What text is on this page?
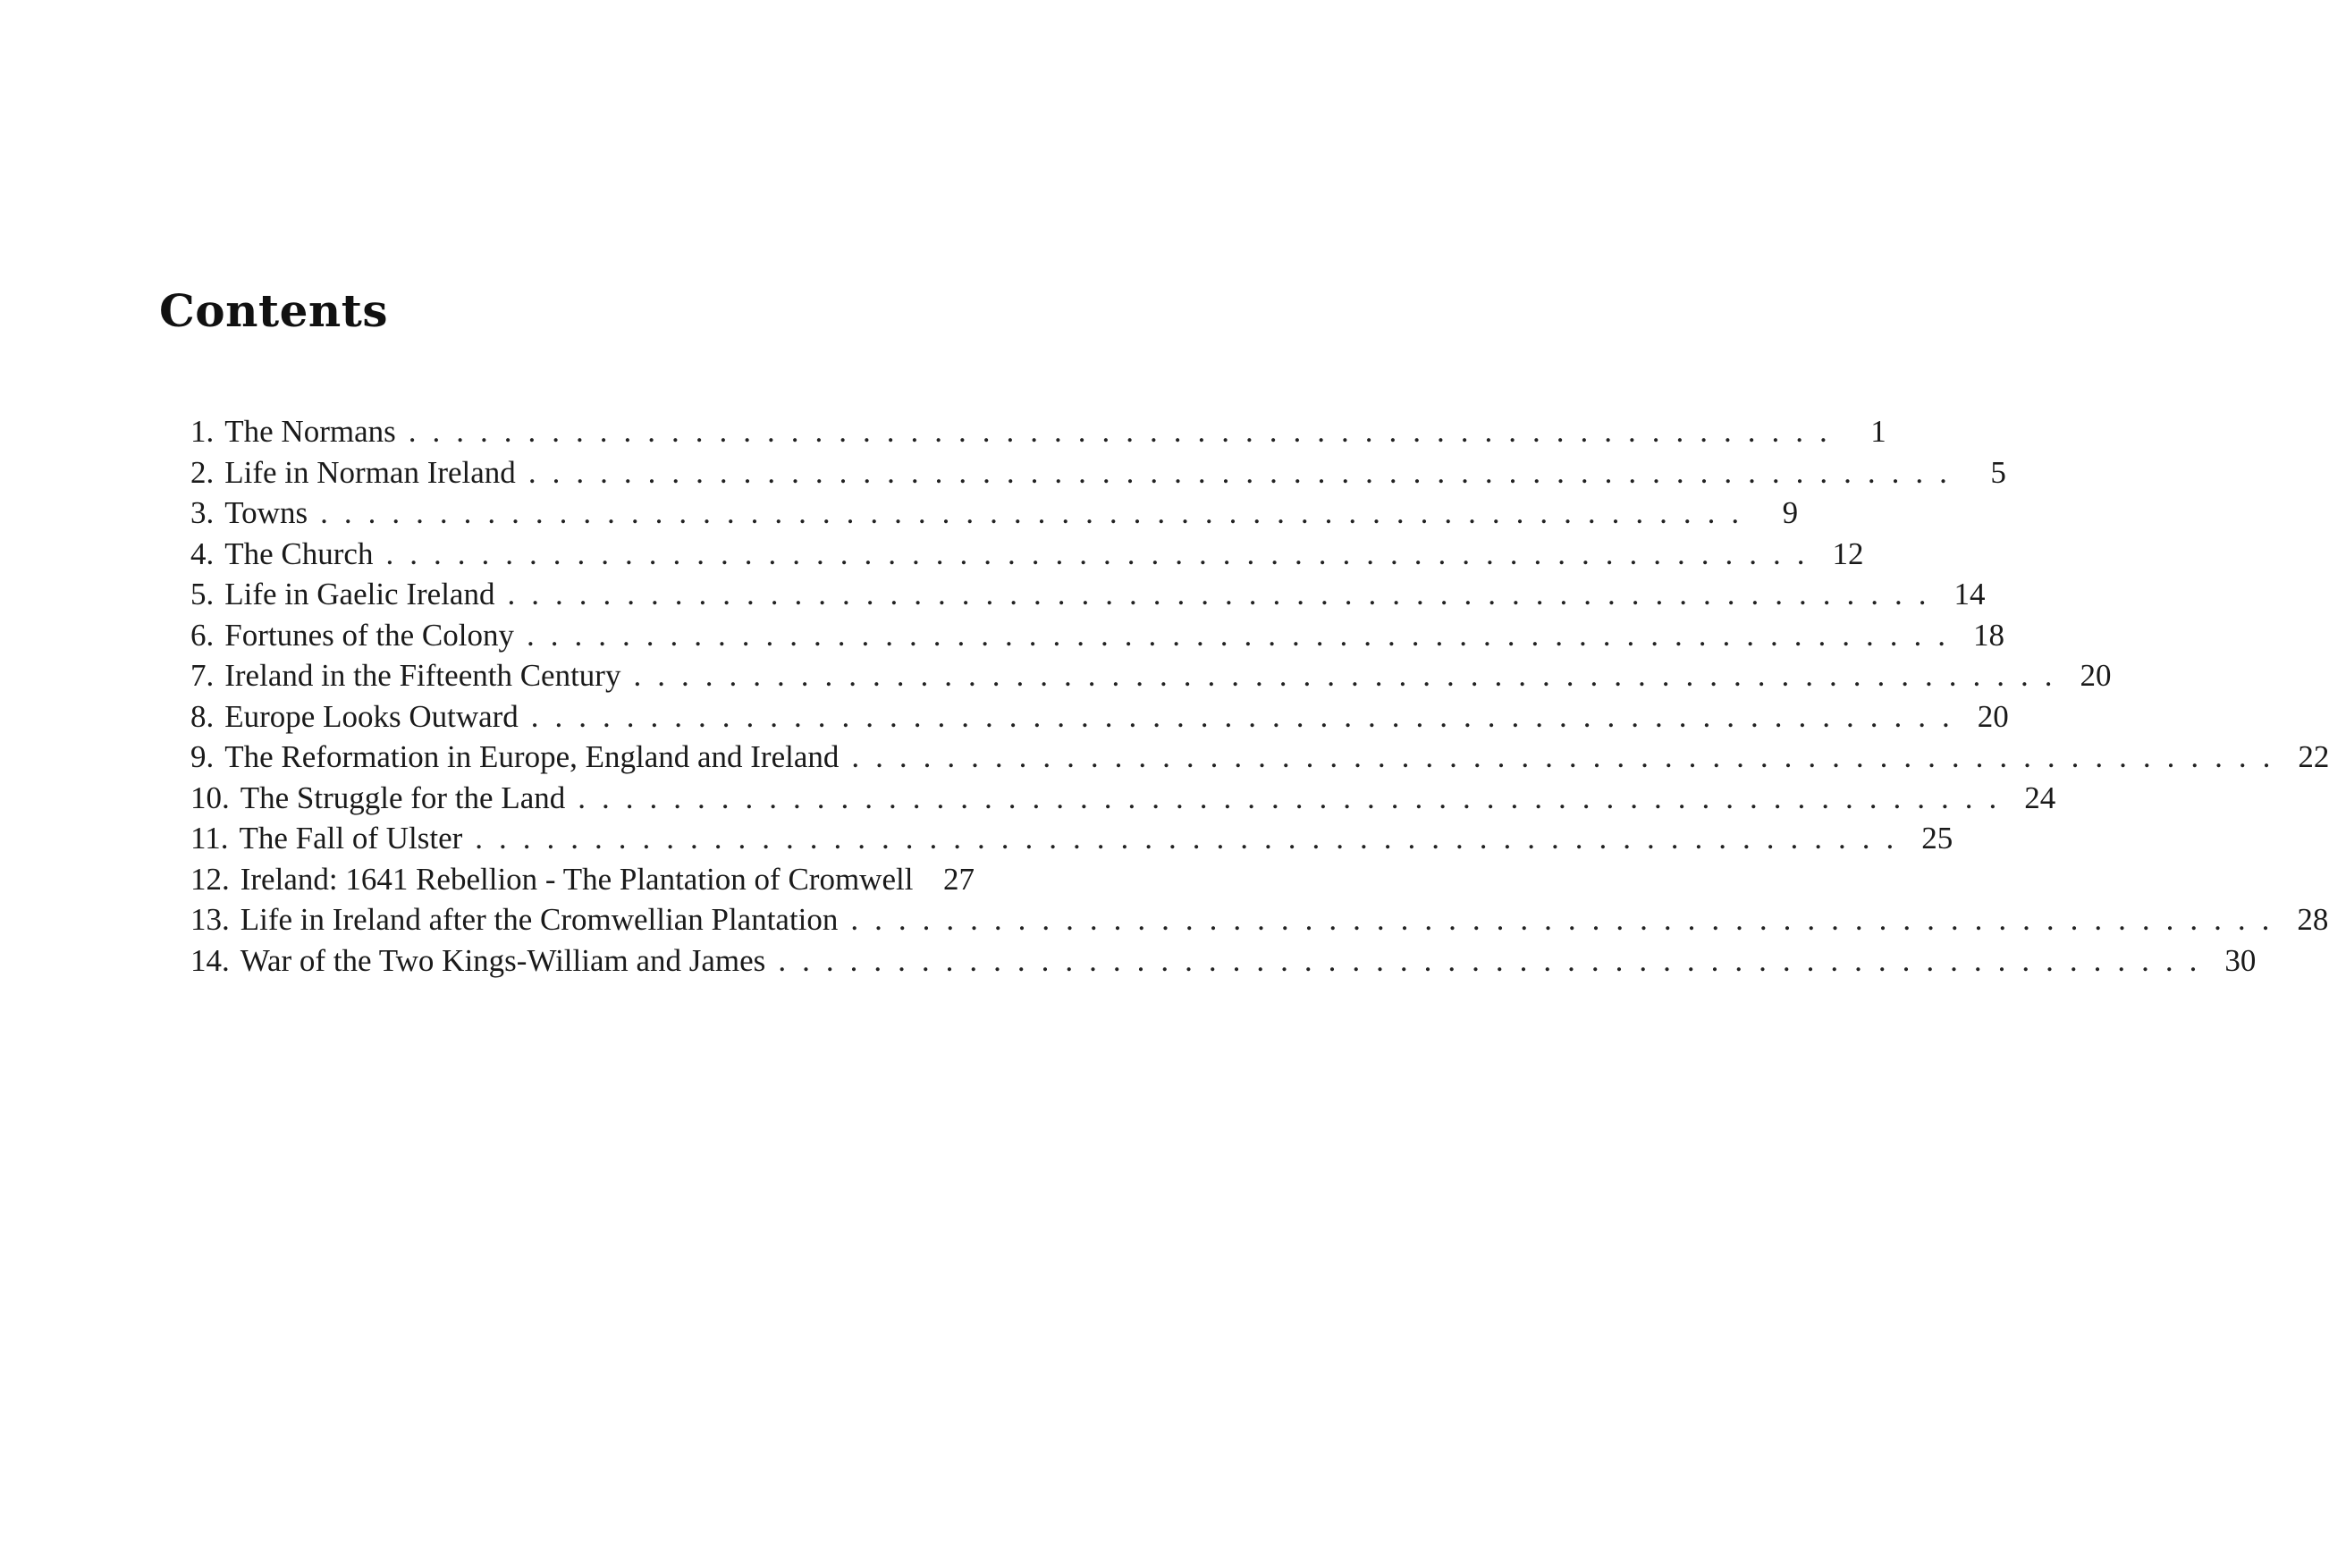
Contents
1. The Normans ............................................................ 1
2. Life in Norman Ireland ............................................................ 5
3. Towns ............................................................ 9
4. The Church ............................................................ 12
5. Life in Gaelic Ireland ............................................................ 14
6. Fortunes of the Colony ............................................................ 18
7. Ireland in the Fifteenth Century ............................................................ 20
8. Europe Looks Outward ............................................................ 20
9. The Reformation in Europe, England and Ireland ............................................................ 22
10. The Struggle for the Land ............................................................ 24
11. The Fall of Ulster ............................................................ 25
12. Ireland: 1641 Rebellion - The Plantation of Cromwell 27
13. Life in Ireland after the Cromwellian Plantation ............................................................ 28
14. War of the Two Kings-William and James ............................................................ 30
